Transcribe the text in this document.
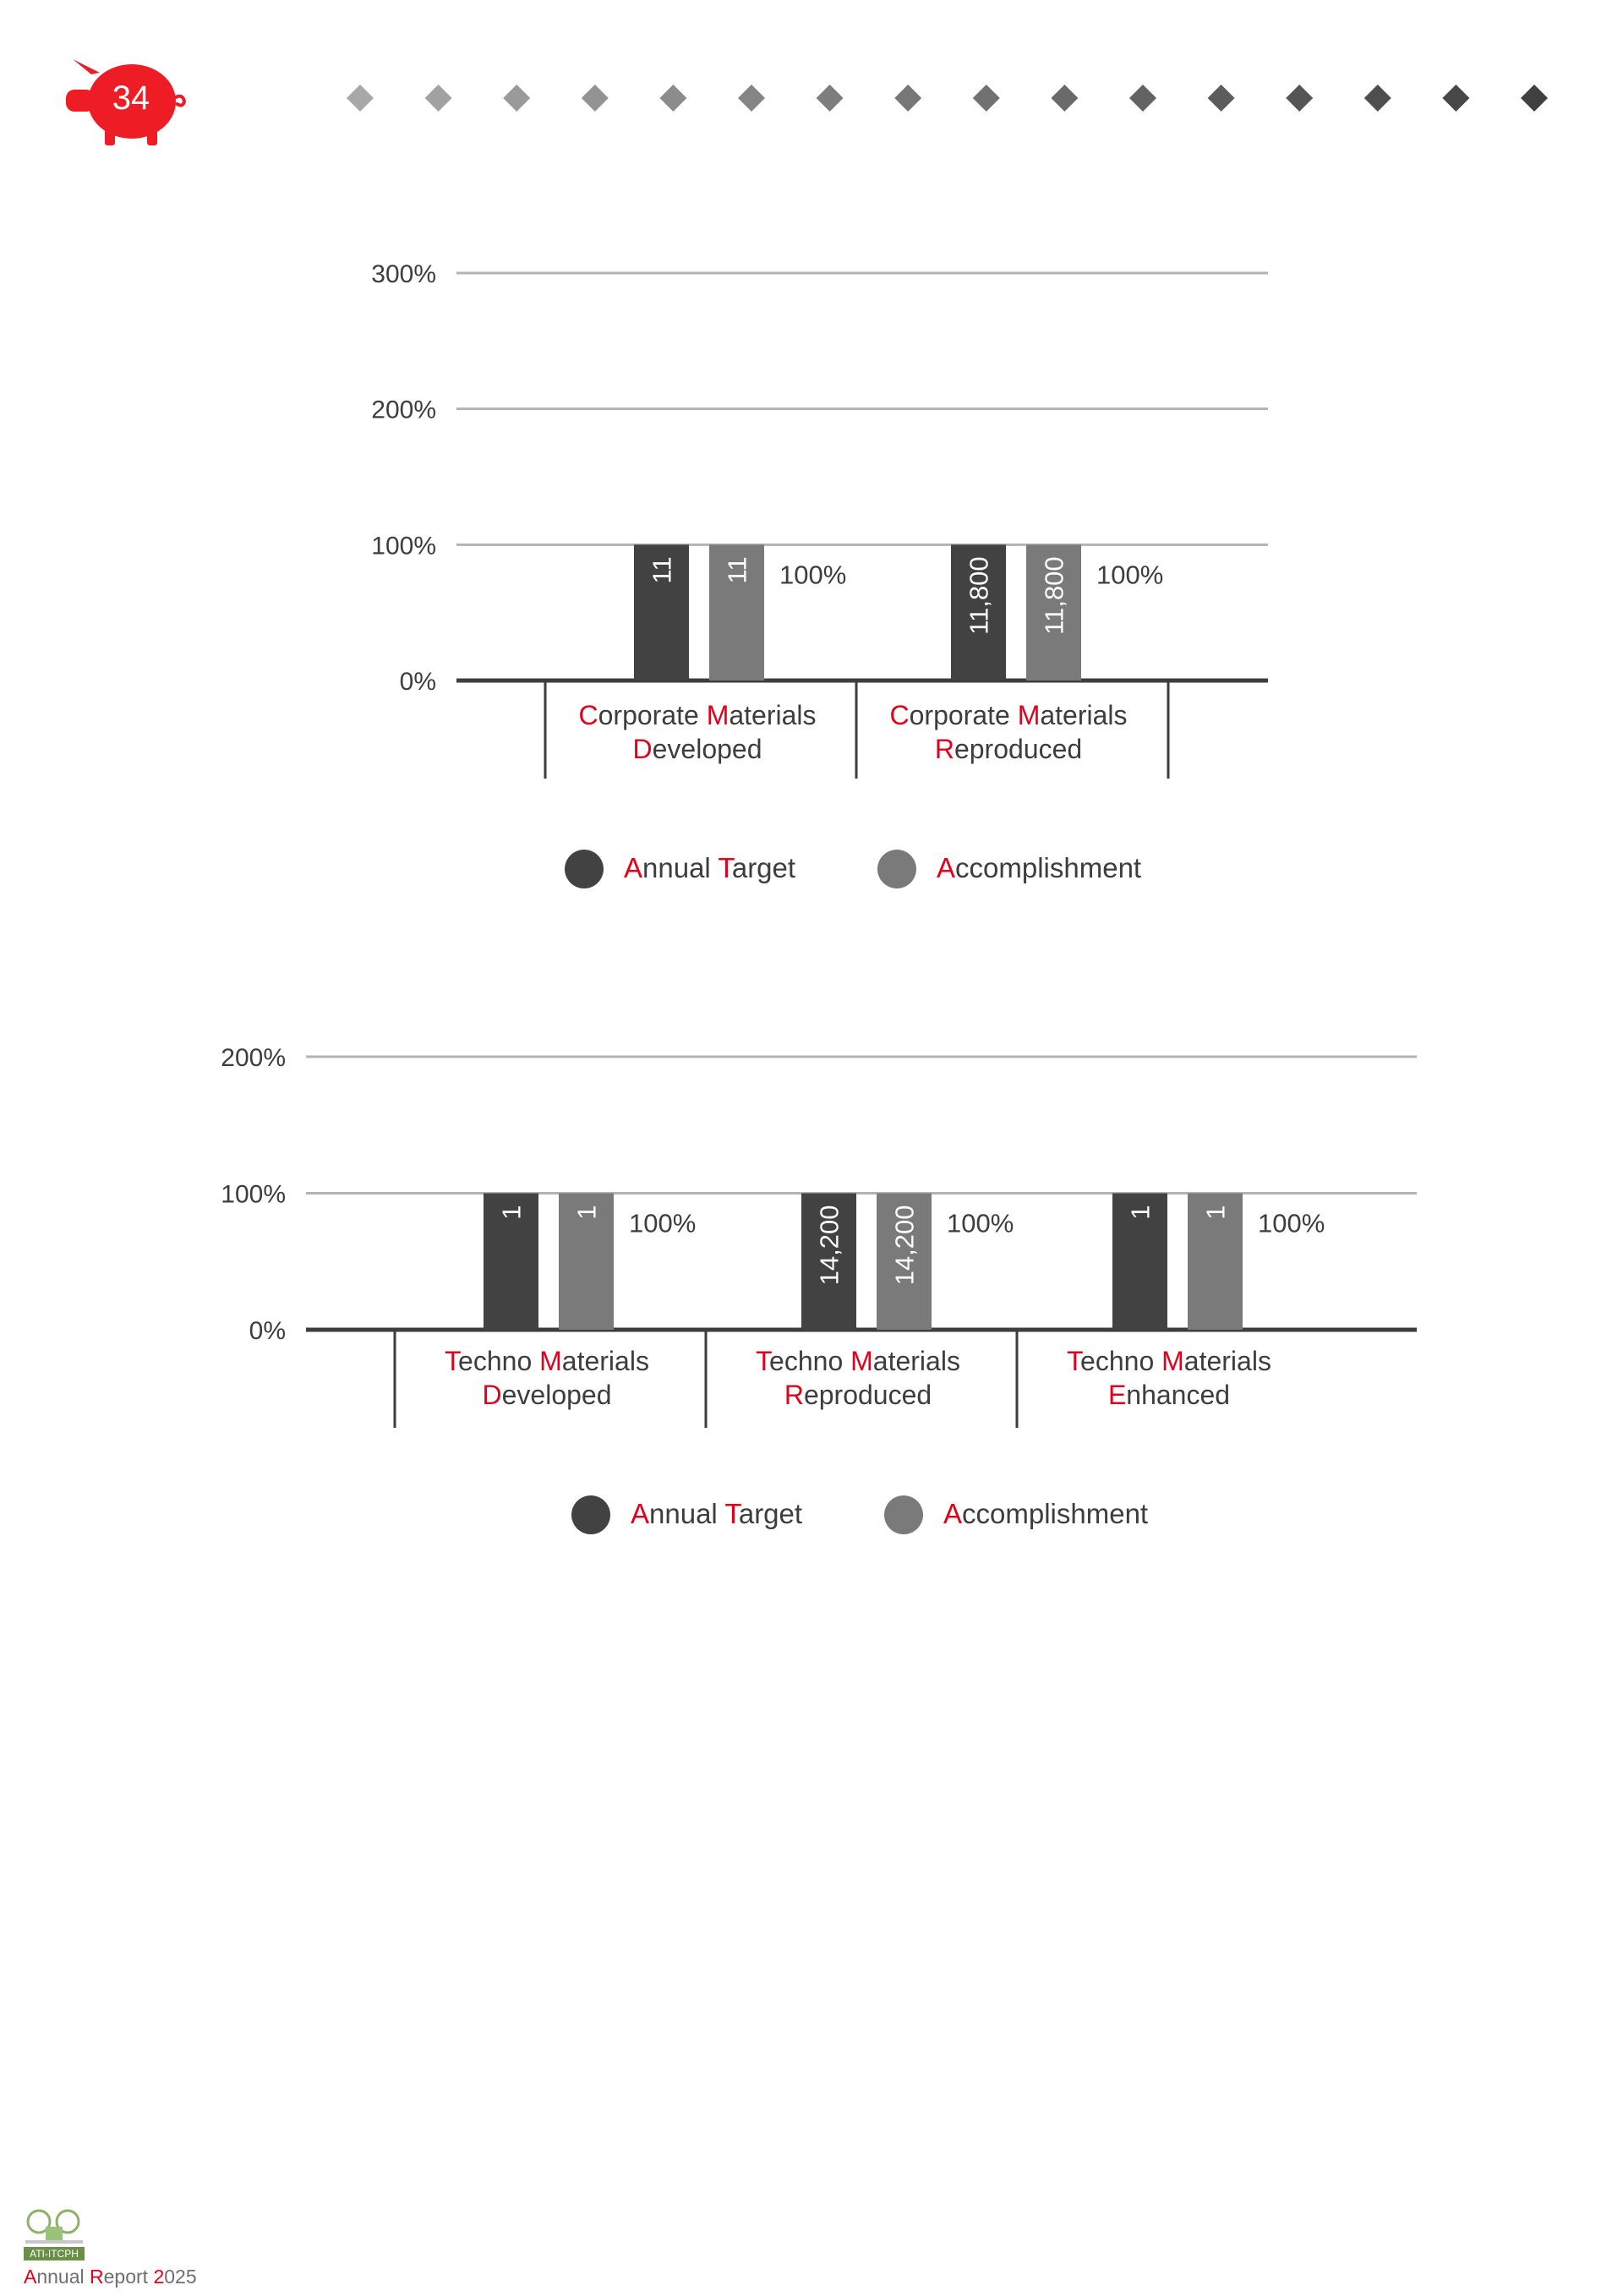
34
0%
100%
200%
300%
11 11 100%	11,800 11,800 100%
Corporate Materials
Developed
Corporate Materials
Reproduced
Annual Target	Accomplishment
0%
100%
200%
1 1 100%	14,200 14,200 100%	1 1 100%
Techno Materials
Developed
Techno Materials
Reproduced
Techno Materials
Enhanced
Annual Target	Accomplishment
ATI-ITCPH
Annual Report 2025
